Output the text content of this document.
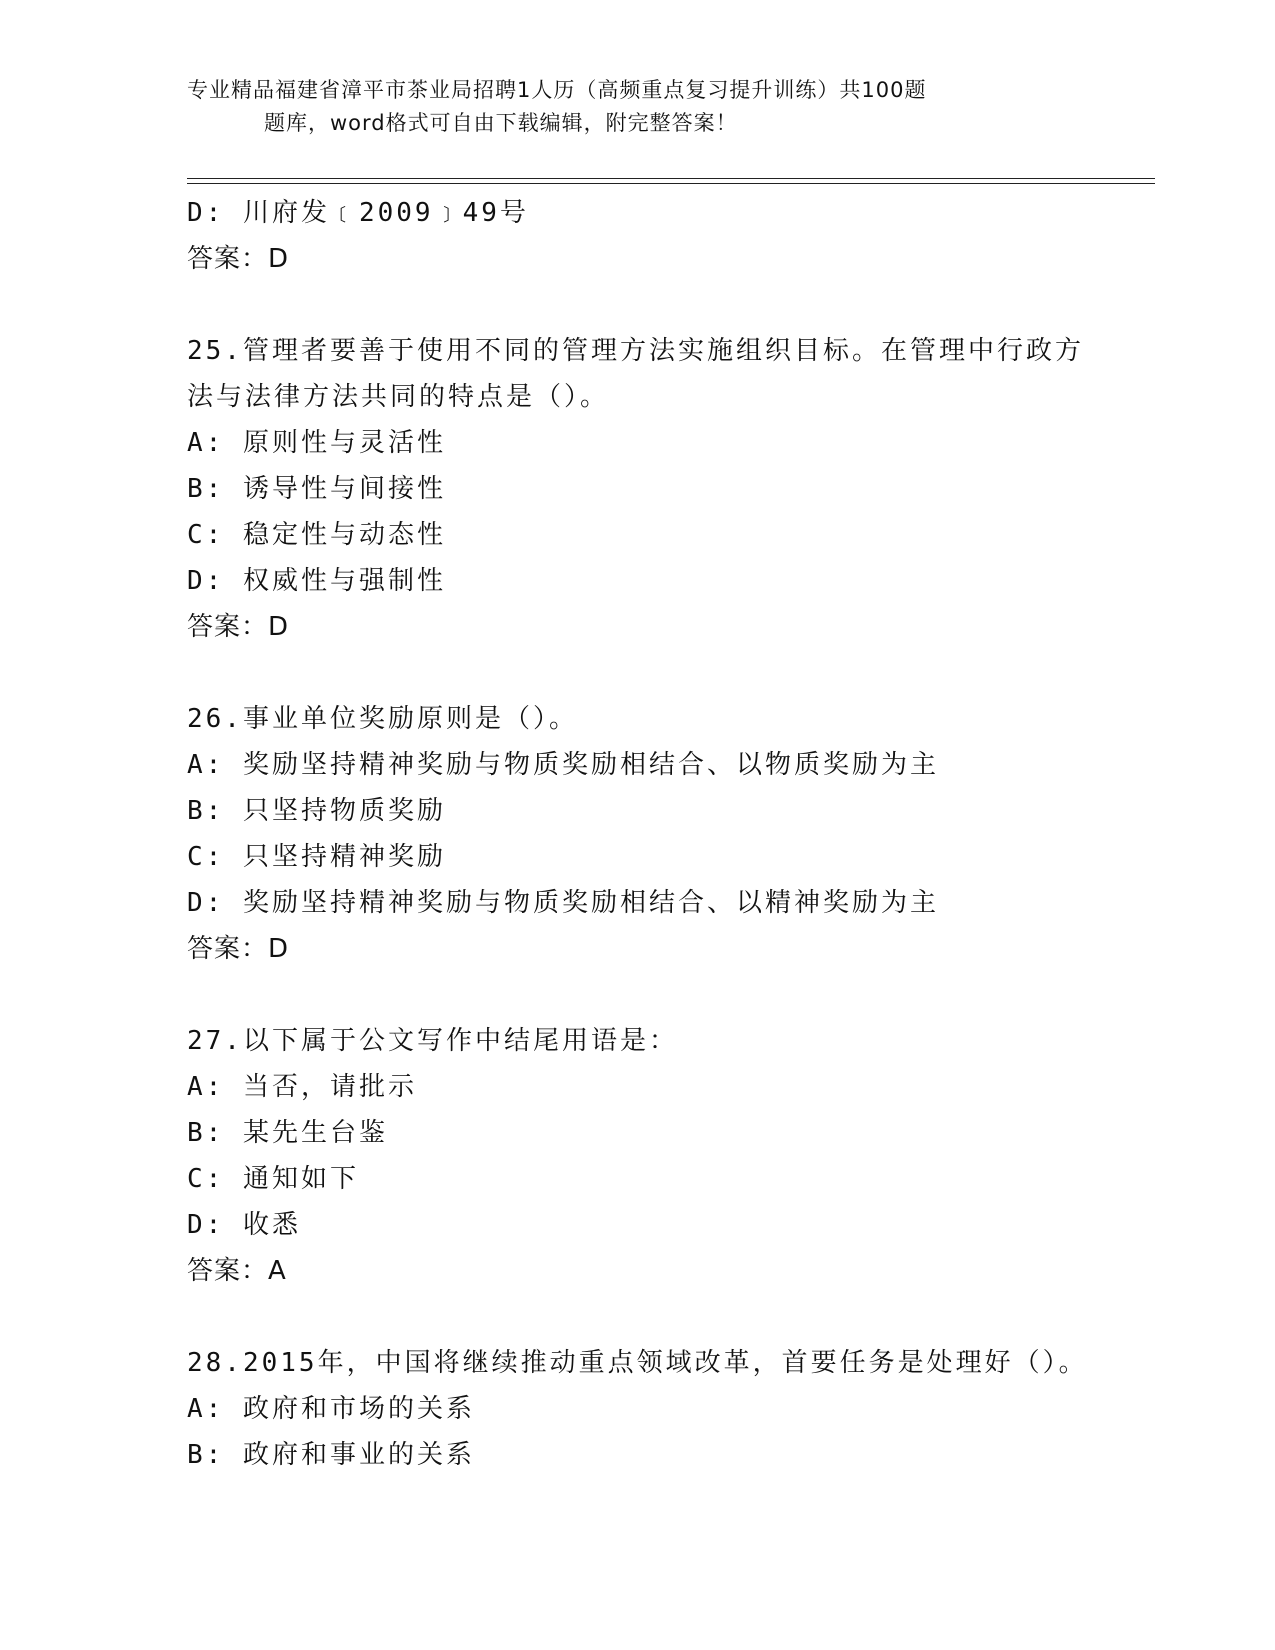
专业精品福建省漳平市茶业局招聘1人历（高频重点复习提升训练）共100题
题库，word格式可自由下载编辑，附完整答案！
D: 川府发﹝2009﹞49号
答案：D
25.管理者要善于使用不同的管理方法实施组织目标。在管理中行政方
法与法律方法共同的特点是（）。
A: 原则性与灵活性
B: 诱导性与间接性
C: 稳定性与动态性
D: 权威性与强制性
答案：D
26.事业单位奖励原则是（）。
A: 奖励坚持精神奖励与物质奖励相结合、以物质奖励为主
B: 只坚持物质奖励
C: 只坚持精神奖励
D: 奖励坚持精神奖励与物质奖励相结合、以精神奖励为主
答案：D
27.以下属于公文写作中结尾用语是：
A: 当否，请批示
B: 某先生台鉴
C: 通知如下
D: 收悉
答案：A
28.2015年，中国将继续推动重点领域改革，首要任务是处理好（）。
A: 政府和市场的关系
B: 政府和事业的关系
